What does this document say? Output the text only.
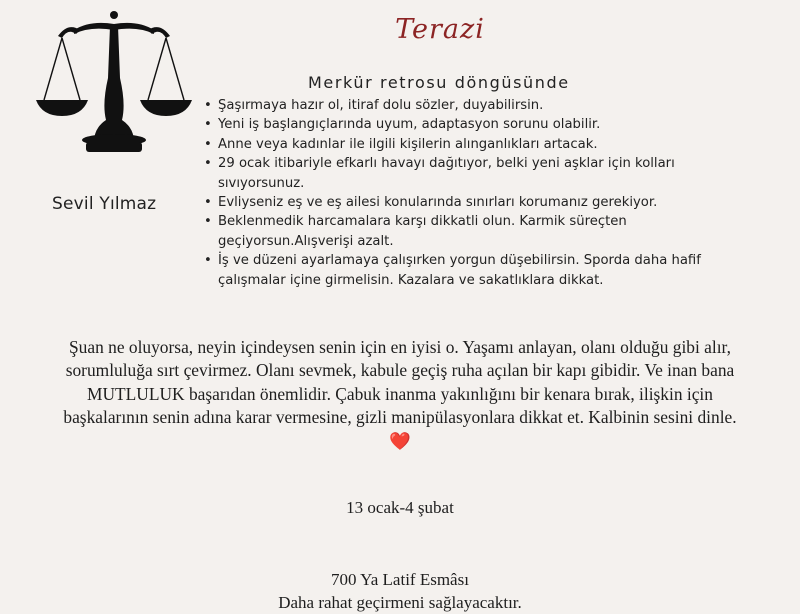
Sevil Yılmaz
Terazi
Merkür retrosu döngüsünde
• Şaşırmaya hazır ol, itiraf dolu sözler, duyabilirsin.
• Yeni iş başlangıçlarında uyum, adaptasyon sorunu olabilir.
• Anne veya kadınlar ile ilgili kişilerin alınganlıkları artacak.
• 29 ocak itibariyle efkarlı havayı dağıtıyor, belki yeni aşklar için kolları sıvıyorsunuz.
• Evliyseniz eş ve eş ailesi konularında sınırları korumanız gerekiyor.
• Beklenmedik harcamalara karşı dikkatli olun. Karmik süreçten geçiyorsun.Alışverişi azalt.
• İş ve düzeni ayarlamaya çalışırken yorgun düşebilirsin. Sporda daha hafif çalışmalar içine girmelisin. Kazalara ve sakatlıklara dikkat.

Şuan ne oluyorsa, neyin içindeysen senin için en iyisi o. Yaşamı anlayan, olanı olduğu gibi alır, sorumluluğa sırt çevirmez. Olanı sevmek, kabule geçiş ruha açılan bir kapı gibidir. Ve inan bana MUTLULUK başarıdan önemlidir. Çabuk inanma yakınlığını bir kenara bırak, ilişkin için başkalarının senin adına karar vermesine, gizli manipülasyonlara dikkat et. Kalbinin sesini dinle. ❤️

13 ocak-4 şubat
700 Ya Latif Esmâsı
Daha rahat geçirmeni sağlayacaktır.
